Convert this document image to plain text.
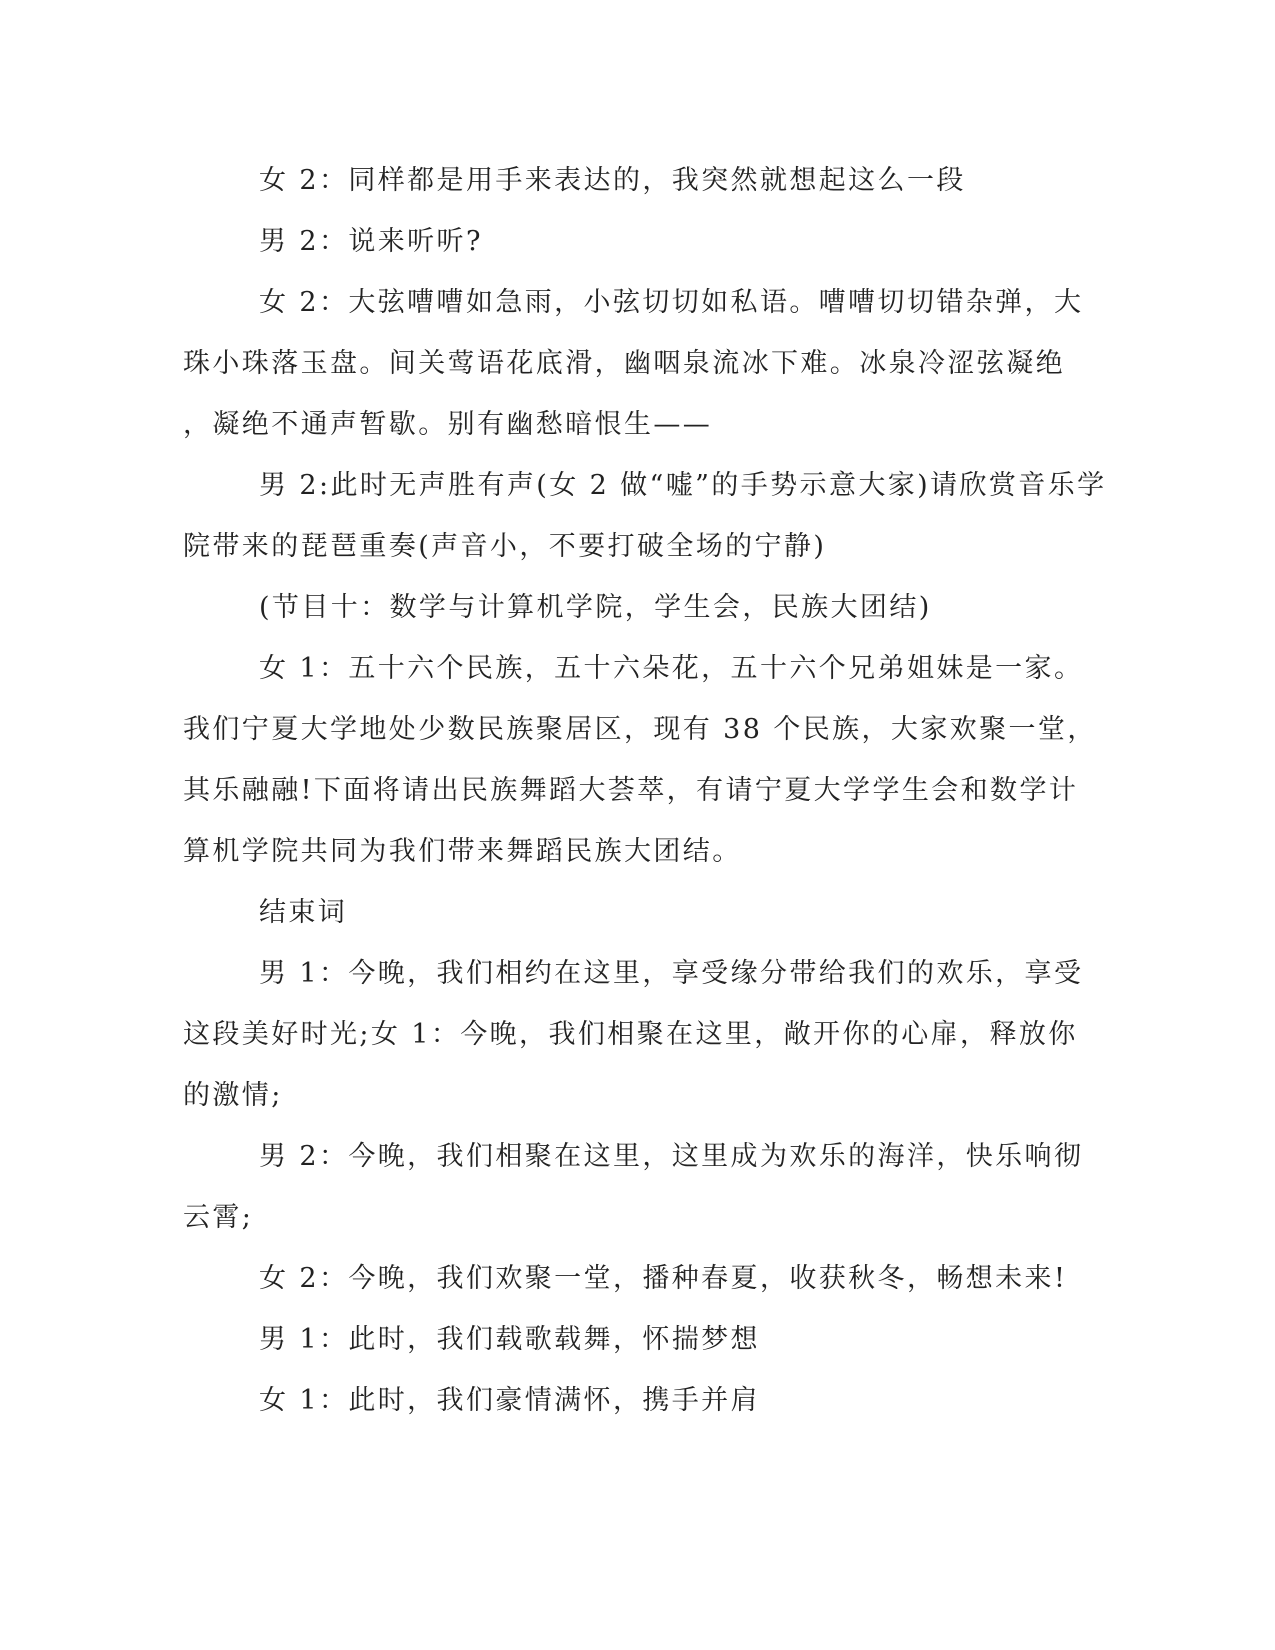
女 2：同样都是用手来表达的，我突然就想起这么一段
男 2：说来听听?
女 2：大弦嘈嘈如急雨，小弦切切如私语。嘈嘈切切错杂弹，大
珠小珠落玉盘。间关莺语花底滑，幽咽泉流冰下难。冰泉冷涩弦凝绝
，凝绝不通声暂歇。别有幽愁暗恨生——
男 2:此时无声胜有声(女 2 做“嘘”的手势示意大家)请欣赏音乐学
院带来的琵琶重奏(声音小，不要打破全场的宁静)
(节目十：数学与计算机学院，学生会，民族大团结)
女 1：五十六个民族，五十六朵花，五十六个兄弟姐妹是一家。
我们宁夏大学地处少数民族聚居区，现有 38 个民族，大家欢聚一堂，
其乐融融!下面将请出民族舞蹈大荟萃，有请宁夏大学学生会和数学计
算机学院共同为我们带来舞蹈民族大团结。
结束词
男 1：今晚，我们相约在这里，享受缘分带给我们的欢乐，享受
这段美好时光;女 1：今晚，我们相聚在这里，敞开你的心扉，释放你
的激情;
男 2：今晚，我们相聚在这里，这里成为欢乐的海洋，快乐响彻
云霄;
女 2：今晚，我们欢聚一堂，播种春夏，收获秋冬，畅想未来!
男 1：此时，我们载歌载舞，怀揣梦想
女 1：此时，我们豪情满怀，携手并肩
